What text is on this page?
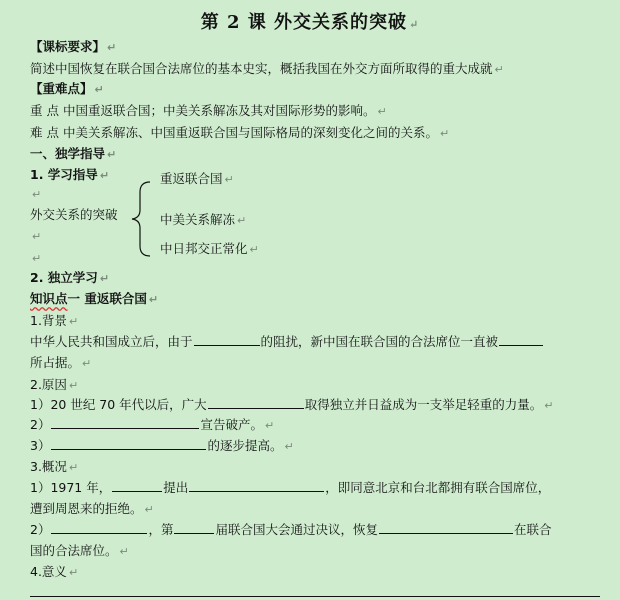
第 2 课 外交关系的突破 ↵
【课标要求】 ↵
简述中国恢复在联合国合法席位的基本史实，概括我国在外交方面所取得的重大成就 ↵
【重难点】 ↵
重 点 中国重返联合国；中美关系解冻及其对国际形势的影响。 ↵
难 点 中美关系解冻、中国重返联合国与国际格局的深刻变化之间的关系。 ↵
一、独学指导 ↵
1. 学习指导 ↵
外交关系的突破
重返联合国 ↵
中美关系解冻 ↵
中日邦交正常化 ↵
↵
↵
↵
2. 独立学习 ↵
知识点一 重返联合国 ↵
1.背景 ↵
中华人民共和国成立后，由于	的阻扰，新中国在联合国的合法席位一直被
所占据。 ↵
2.原因 ↵
1）20 世纪 70 年代以后，广大	取得独立并日益成为一支举足轻重的力量。 ↵
2）	宣告破产。 ↵
3）	的逐步提高。 ↵
3.概况 ↵
1）1971 年，	提出	，即同意北京和台北都拥有联合国席位，
遭到周恩来的拒绝。 ↵
2）	，第	届联合国大会通过决议，恢复	在联合
国的合法席位。 ↵
4.意义 ↵
